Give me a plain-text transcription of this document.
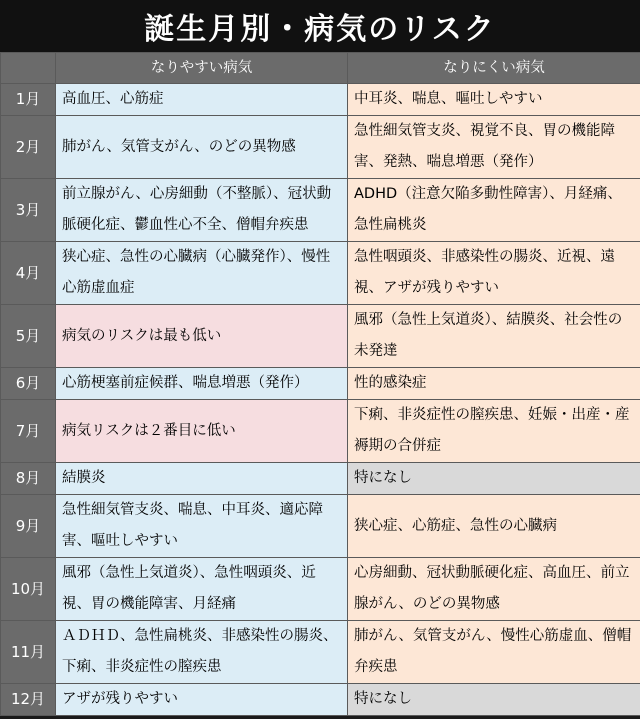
誕生月別・病気のリスク
	なりやすい病気	なりにくい病気
1月	高血圧、心筋症	中耳炎、喘息、嘔吐しやすい
2月	肺がん、気管支がん、のどの異物感	急性細気管支炎、視覚不良、胃の機能障害、発熱、喘息増悪（発作）
3月	前立腺がん、心房細動（不整脈）、冠状動脈硬化症、鬱血性心不全、僧帽弁疾患	ADHD（注意欠陥多動性障害）、月経痛、急性扁桃炎
4月	狭心症、急性の心臓病（心臓発作）、慢性心筋虚血症	急性咽頭炎、非感染性の腸炎、近視、遠視、アザが残りやすい
5月	病気のリスクは最も低い	風邪（急性上気道炎）、結膜炎、社会性の未発達
6月	心筋梗塞前症候群、喘息増悪（発作）	性的感染症
7月	病気リスクは２番目に低い	下痢、非炎症性の膣疾患、妊娠・出産・産褥期の合併症
8月	結膜炎	特になし
9月	急性細気管支炎、喘息、中耳炎、適応障害、嘔吐しやすい	狭心症、心筋症、急性の心臓病
10月	風邪（急性上気道炎）、急性咽頭炎、近視、胃の機能障害、月経痛	心房細動、冠状動脈硬化症、高血圧、前立腺がん、のどの異物感
11月	ＡＤＨＤ、急性扁桃炎、非感染性の腸炎、下痢、非炎症性の膣疾患	肺がん、気管支がん、慢性心筋虚血、僧帽弁疾患
12月	アザが残りやすい	特になし
